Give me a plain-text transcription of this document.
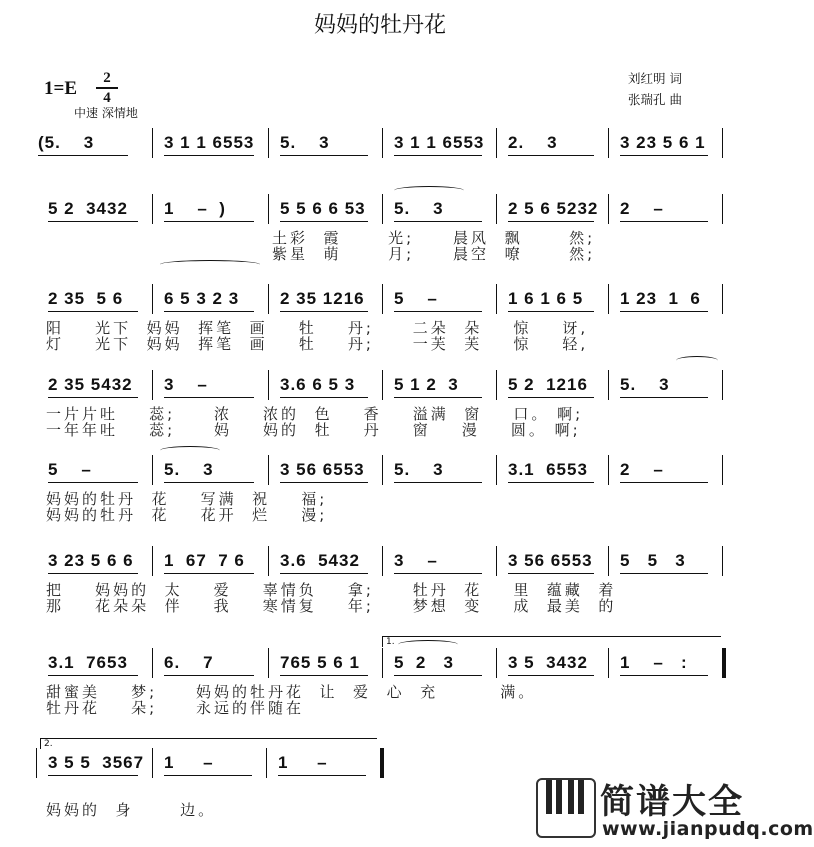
妈妈的牡丹花
1=E	2
4
中速 深情地
刘红明 词
张瑞孔 曲
(5.    3	3 1 1 6553 5.    3	3 1 1 6553 2.    3	3 23 5 6 1
5 2  3432 1    –  )	5 5 6 6 53 5.    3	2 5 6 5232 2    –
土彩  霞      光;     晨风  飘      然;
紫星  萌      月;     晨空  嘹      然;
2 35  5 6 6 5 3 2 3 2 35 1216 5    –	1 6 1 6 5 1 23  1  6
阳    光下  妈妈  挥笔  画    牡    丹;     二朵  朵    惊    讶,
灯    光下  妈妈  挥笔  画    牡    丹;     一芙  芙    惊    轻,
2 35 5432 3    –	3.6 6 5 3 5 1 2  3	5 2  1216 5.    3
一片片吐    蕊;     浓    浓的  色    香    溢满  窗    口。 啊;
一年年吐    蕊;     妈    妈的  牡    丹    窗    漫    圆。 啊;
5    –	5.    3	3 56 6553 5.    3	3.1  6553 2    –
妈妈的牡丹  花    写满  祝    福;
妈妈的牡丹  花    花开  烂    漫;
3 23 5 6 6 1  67  7 6 3.6  5432 3    –	3 56 6553 5   5   3
把    妈妈的  太    爱    辜情负    拿;     牡丹  花    里  蕴藏  着
那    花朵朵  伴    我    寒情复    年;     梦想  变    成  最美  的
3.1  7653 6.    7	765 5 6 1 5  2   3	3 5  3432 1    –   :
甜蜜美    梦;     妈妈的牡丹花  让  爱  心  充        满。
牡丹花    朵;     永远的伴随在
3 5 5  3567 1     –	1     –
妈妈的  身      边。
1.
2.
简谱大全
www.jianpudq.com
